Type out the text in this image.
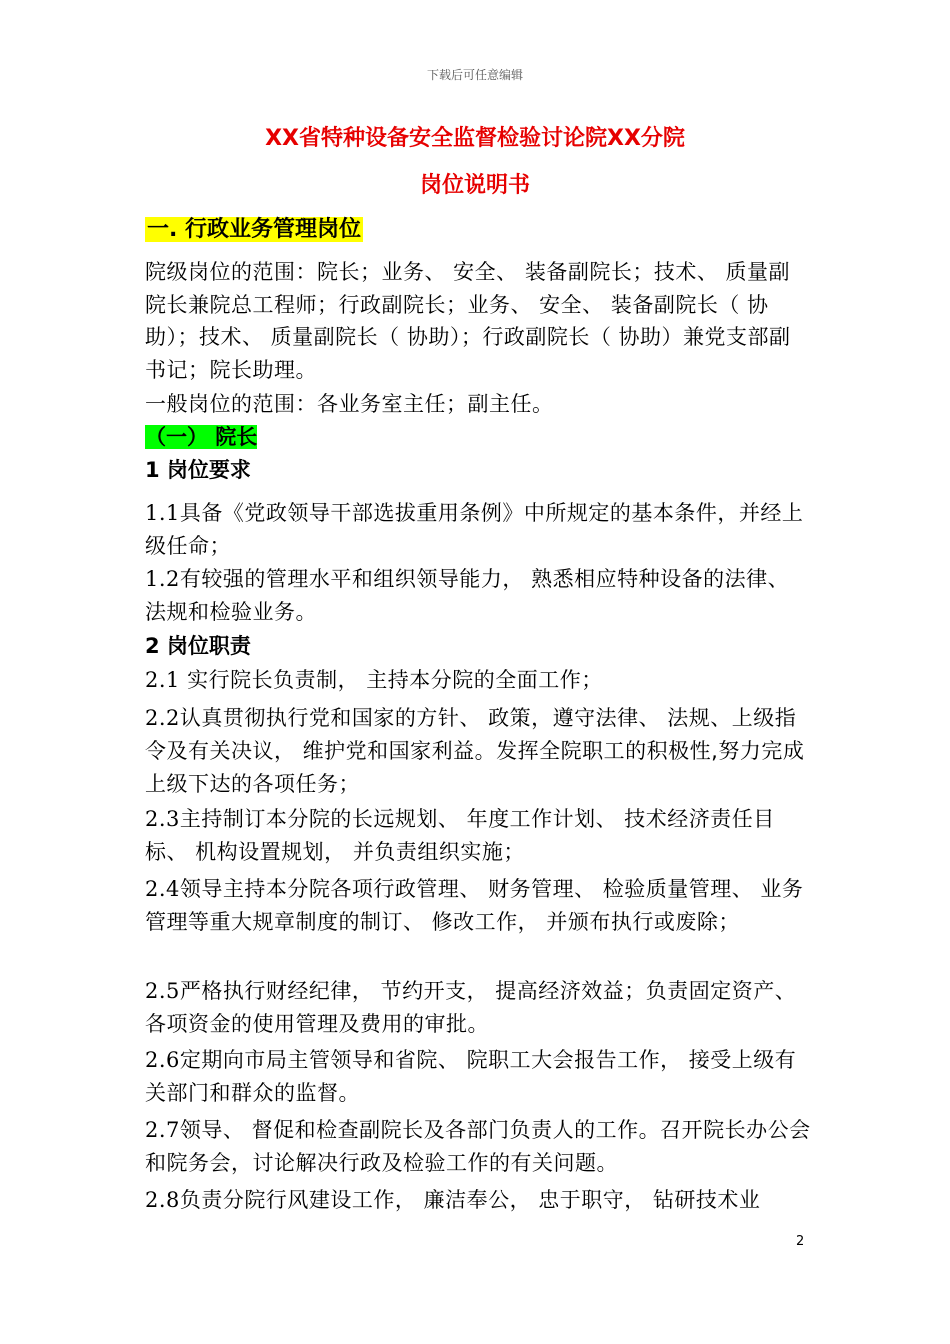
下载后可任意编辑
XX省特种设备安全监督检验讨论院XX分院
岗位说明书
一. 行政业务管理岗位
院级岗位的范围：院长；业务、 安全、 装备副院长；技术、 质量副院长兼院总工程师；行政副院长；业务、 安全、 装备副院长（ 协助）；技术、 质量副院长（ 协助）；行政副院长（ 协助）兼党支部副书记；院长助理。
一般岗位的范围：各业务室主任；副主任。
（一） 院长
1 岗位要求
1.1具备《党政领导干部选拔重用条例》中所规定的基本条件，并经上级任命；
1.2有较强的管理水平和组织领导能力， 熟悉相应特种设备的法律、 法规和检验业务。
2 岗位职责
2.1 实行院长负责制， 主持本分院的全面工作；
2.2认真贯彻执行党和国家的方针、 政策，遵守法律、 法规、上级指令及有关决议， 维护党和国家利益。发挥全院职工的积极性,努力完成上级下达的各项任务；
2.3主持制订本分院的长远规划、 年度工作计划、 技术经济责任目标、 机构设置规划， 并负责组织实施；
2.4领导主持本分院各项行政管理、 财务管理、 检验质量管理、 业务管理等重大规章制度的制订、 修改工作， 并颁布执行或废除；
2.5严格执行财经纪律， 节约开支， 提高经济效益；负责固定资产、 各项资金的使用管理及费用的审批。
2.6定期向市局主管领导和省院、 院职工大会报告工作， 接受上级有关部门和群众的监督。
2.7领导、 督促和检查副院长及各部门负责人的工作。召开院长办公会和院务会，讨论解决行政及检验工作的有关问题。
2.8负责分院行风建设工作， 廉洁奉公， 忠于职守， 钻研技术业
2
